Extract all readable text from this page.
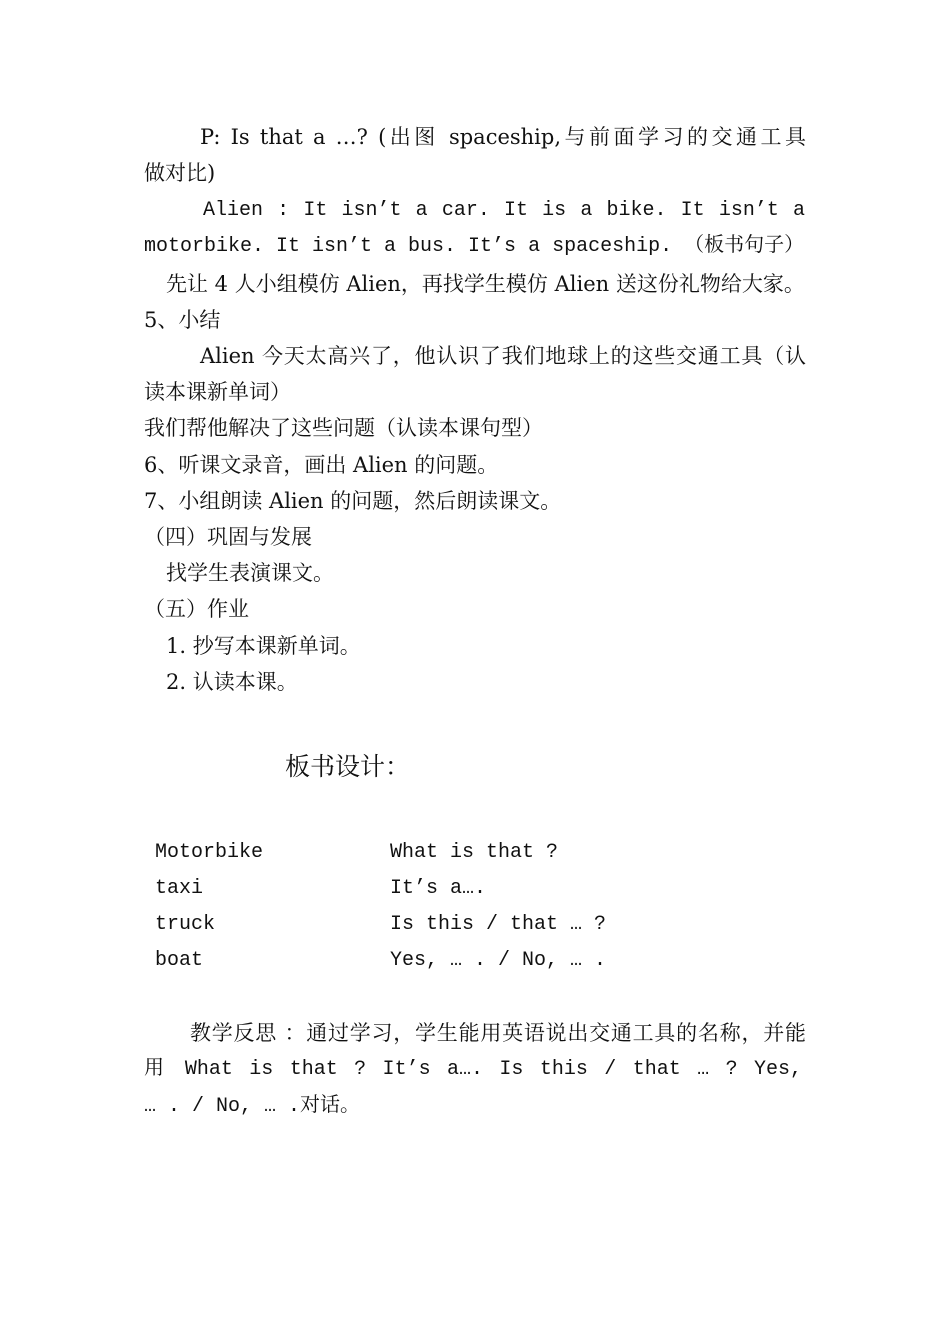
P: Is that a …? (出图 spaceship,与前面学习的交通工具
做对比)
Alien : It isn’t a car. It is a bike. It isn’t a
motorbike. It isn’t a bus. It’s a spaceship. （板书句子）
先让 4 人小组模仿 Alien，再找学生模仿 Alien 送这份礼物给大家。
5、小结
Alien 今天太高兴了，他认识了我们地球上的这些交通工具（认
读本课新单词）
我们帮他解决了这些问题（认读本课句型）
6、听课文录音，画出 Alien 的问题。
7、小组朗读 Alien 的问题，然后朗读课文。
（四）巩固与发展
找学生表演课文。
（五）作业
1. 抄写本课新单词。
2. 认读本课。
板书设计：
Motorbike
taxi
truck
boat
What is that ?
It’s a….
Is this / that … ?
Yes, … . / No, … .
教学反思 ：通过学习，学生能用英语说出交通工具的名称，并能
用 What is that ? It’s a…. Is this / that … ? Yes,
… . / No, … .对话。
